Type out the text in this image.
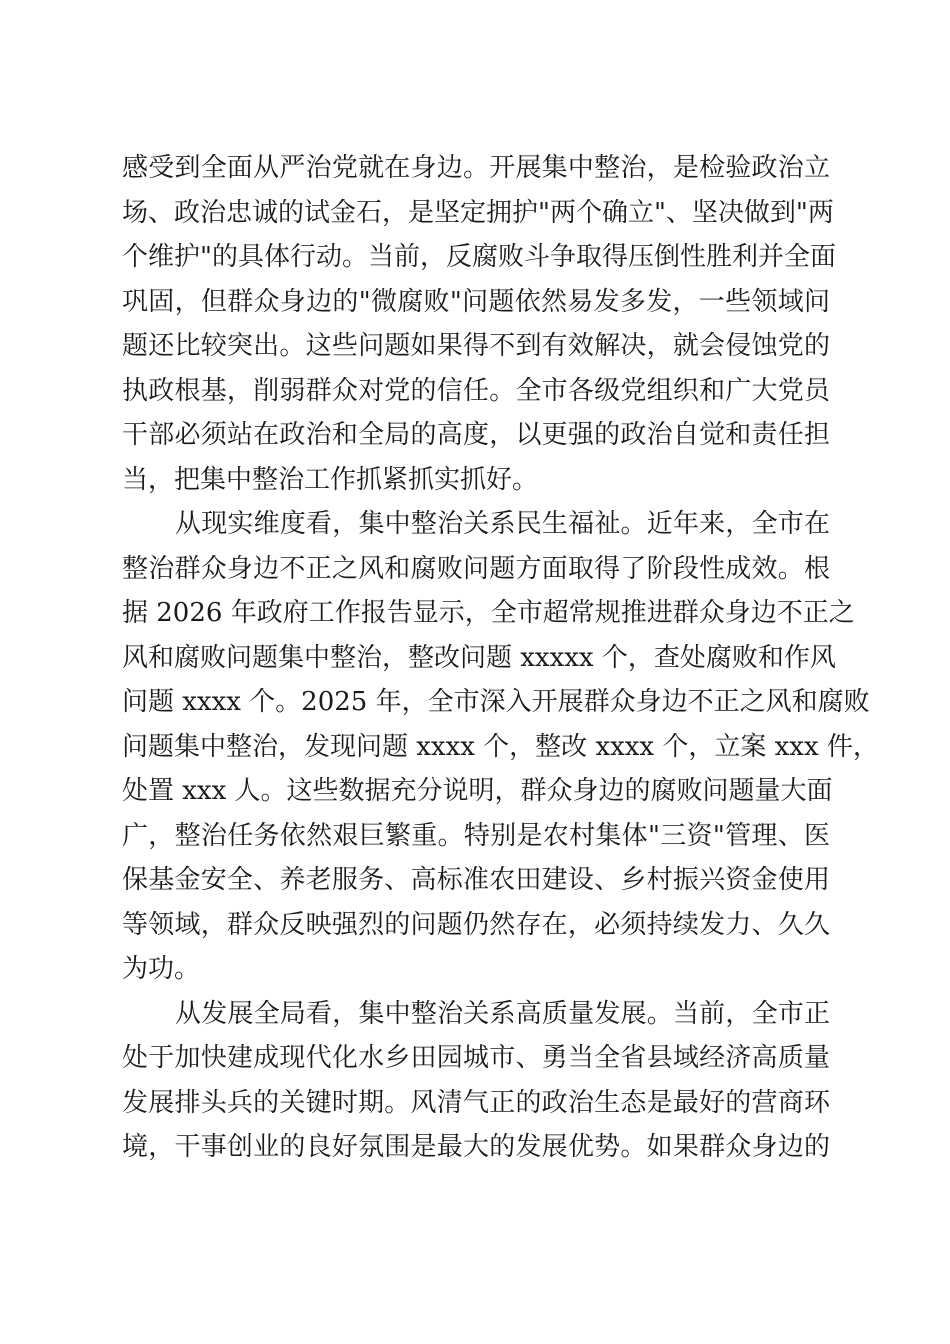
感受到全面从严治党就在身边。开展集中整治，是检验政治立
场、政治忠诚的试金石，是坚定拥护"两个确立"、坚决做到"两
个维护"的具体行动。当前，反腐败斗争取得压倒性胜利并全面
巩固，但群众身边的"微腐败"问题依然易发多发，一些领域问
题还比较突出。这些问题如果得不到有效解决，就会侵蚀党的
执政根基，削弱群众对党的信任。全市各级党组织和广大党员
干部必须站在政治和全局的高度，以更强的政治自觉和责任担
当，把集中整治工作抓紧抓实抓好。
从现实维度看，集中整治关系民生福祉。近年来，全市在
整治群众身边不正之风和腐败问题方面取得了阶段性成效。根
据 2026 年政府工作报告显示，全市超常规推进群众身边不正之
风和腐败问题集中整治，整改问题 xxxxx 个，查处腐败和作风
问题 xxxx 个。2025 年，全市深入开展群众身边不正之风和腐败
问题集中整治，发现问题 xxxx 个，整改 xxxx 个，立案 xxx 件，
处置 xxx 人。这些数据充分说明，群众身边的腐败问题量大面
广，整治任务依然艰巨繁重。特别是农村集体"三资"管理、医
保基金安全、养老服务、高标准农田建设、乡村振兴资金使用
等领域，群众反映强烈的问题仍然存在，必须持续发力、久久
为功。
从发展全局看，集中整治关系高质量发展。当前，全市正
处于加快建成现代化水乡田园城市、勇当全省县域经济高质量
发展排头兵的关键时期。风清气正的政治生态是最好的营商环
境，干事创业的良好氛围是最大的发展优势。如果群众身边的
